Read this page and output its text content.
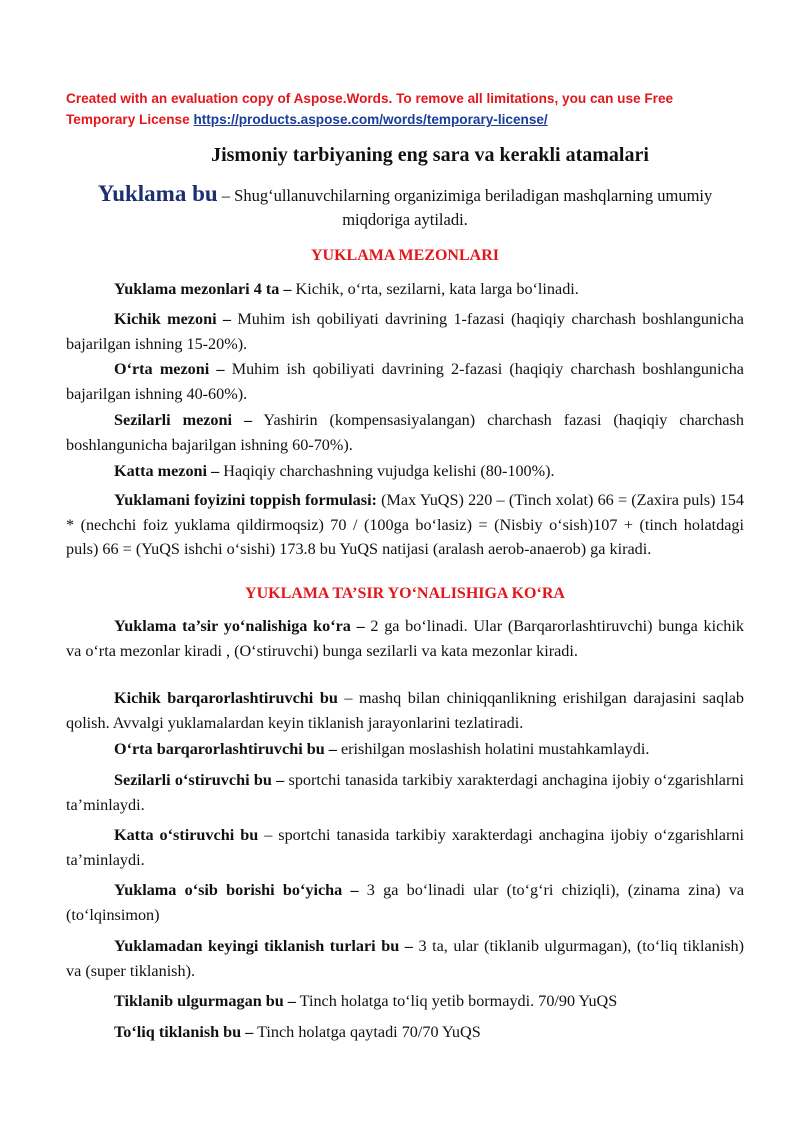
Created with an evaluation copy of Aspose.Words. To remove all limitations, you can use Free Temporary License https://products.aspose.com/words/temporary-license/
Jismoniy tarbiyaning eng sara va kerakli atamalari
Yuklama bu – Shug‘ullanuvchilarning organizimiga beriladigan mashqlarning umumiy miqdoriga aytiladi.
YUKLAMA MEZONLARI
Yuklama mezonlari 4 ta – Kichik, o‘rta, sezilarni, kata larga bo‘linadi.
Kichik mezoni – Muhim ish qobiliyati davrining 1-fazasi (haqiqiy charchash boshlangunicha bajarilgan ishning 15-20%).
O‘rta mezoni – Muhim ish qobiliyati davrining 2-fazasi (haqiqiy charchash boshlangunicha bajarilgan ishning 40-60%).
Sezilarli mezoni – Yashirin (kompensasiyalangan) charchash fazasi (haqiqiy charchash boshlangunicha bajarilgan ishning 60-70%).
Katta mezoni – Haqiqiy charchashning vujudga kelishi (80-100%).
Yuklamani foyizini toppish formulasi: (Max YuQS) 220 – (Tinch xolat) 66 = (Zaxira puls) 154 * (nechchi foiz yuklama qildirmoqsiz) 70 / (100ga bo‘lasiz) = (Nisbiy o‘sish)107 + (tinch holatdagi puls) 66 = (YuQS ishchi o‘sishi) 173.8 bu YuQS natijasi (aralash aerob-anaerob) ga kiradi.
YUKLAMA TA’SIR YO‘NALISHIGA KO‘RA
Yuklama ta’sir yo‘nalishiga ko‘ra – 2 ga bo‘linadi. Ular (Barqarorlashtiruvchi) bunga kichik va o‘rta mezonlar kiradi , (O‘stiruvchi) bunga sezilarli va kata mezonlar kiradi.
Kichik barqarorlashtiruvchi bu – mashq bilan chiniqqanlikning erishilgan darajasini saqlab qolish. Avvalgi yuklamalardan keyin tiklanish jarayonlarini tezlatiradi.
O‘rta barqarorlashtiruvchi bu – erishilgan moslashish holatini mustahkamlaydi.
Sezilarli o‘stiruvchi bu – sportchi tanasida tarkibiy xarakterdagi anchagina ijobiy o‘zgarishlarni ta’minlaydi.
Katta o‘stiruvchi bu – sportchi tanasida tarkibiy xarakterdagi anchagina ijobiy o‘zgarishlarni ta’minlaydi.
Yuklama o‘sib borishi bo‘yicha – 3 ga bo‘linadi ular (to‘g‘ri chiziqli), (zinama zina) va (to‘lqinsimon)
Yuklamadan keyingi tiklanish turlari bu – 3 ta, ular (tiklanib ulgurmagan), (to‘liq tiklanish) va (super tiklanish).
Tiklanib ulgurmagan bu – Tinch holatga to‘liq yetib bormaydi. 70/90 YuQS
To‘liq tiklanish bu – Tinch holatga qaytadi 70/70 YuQS
